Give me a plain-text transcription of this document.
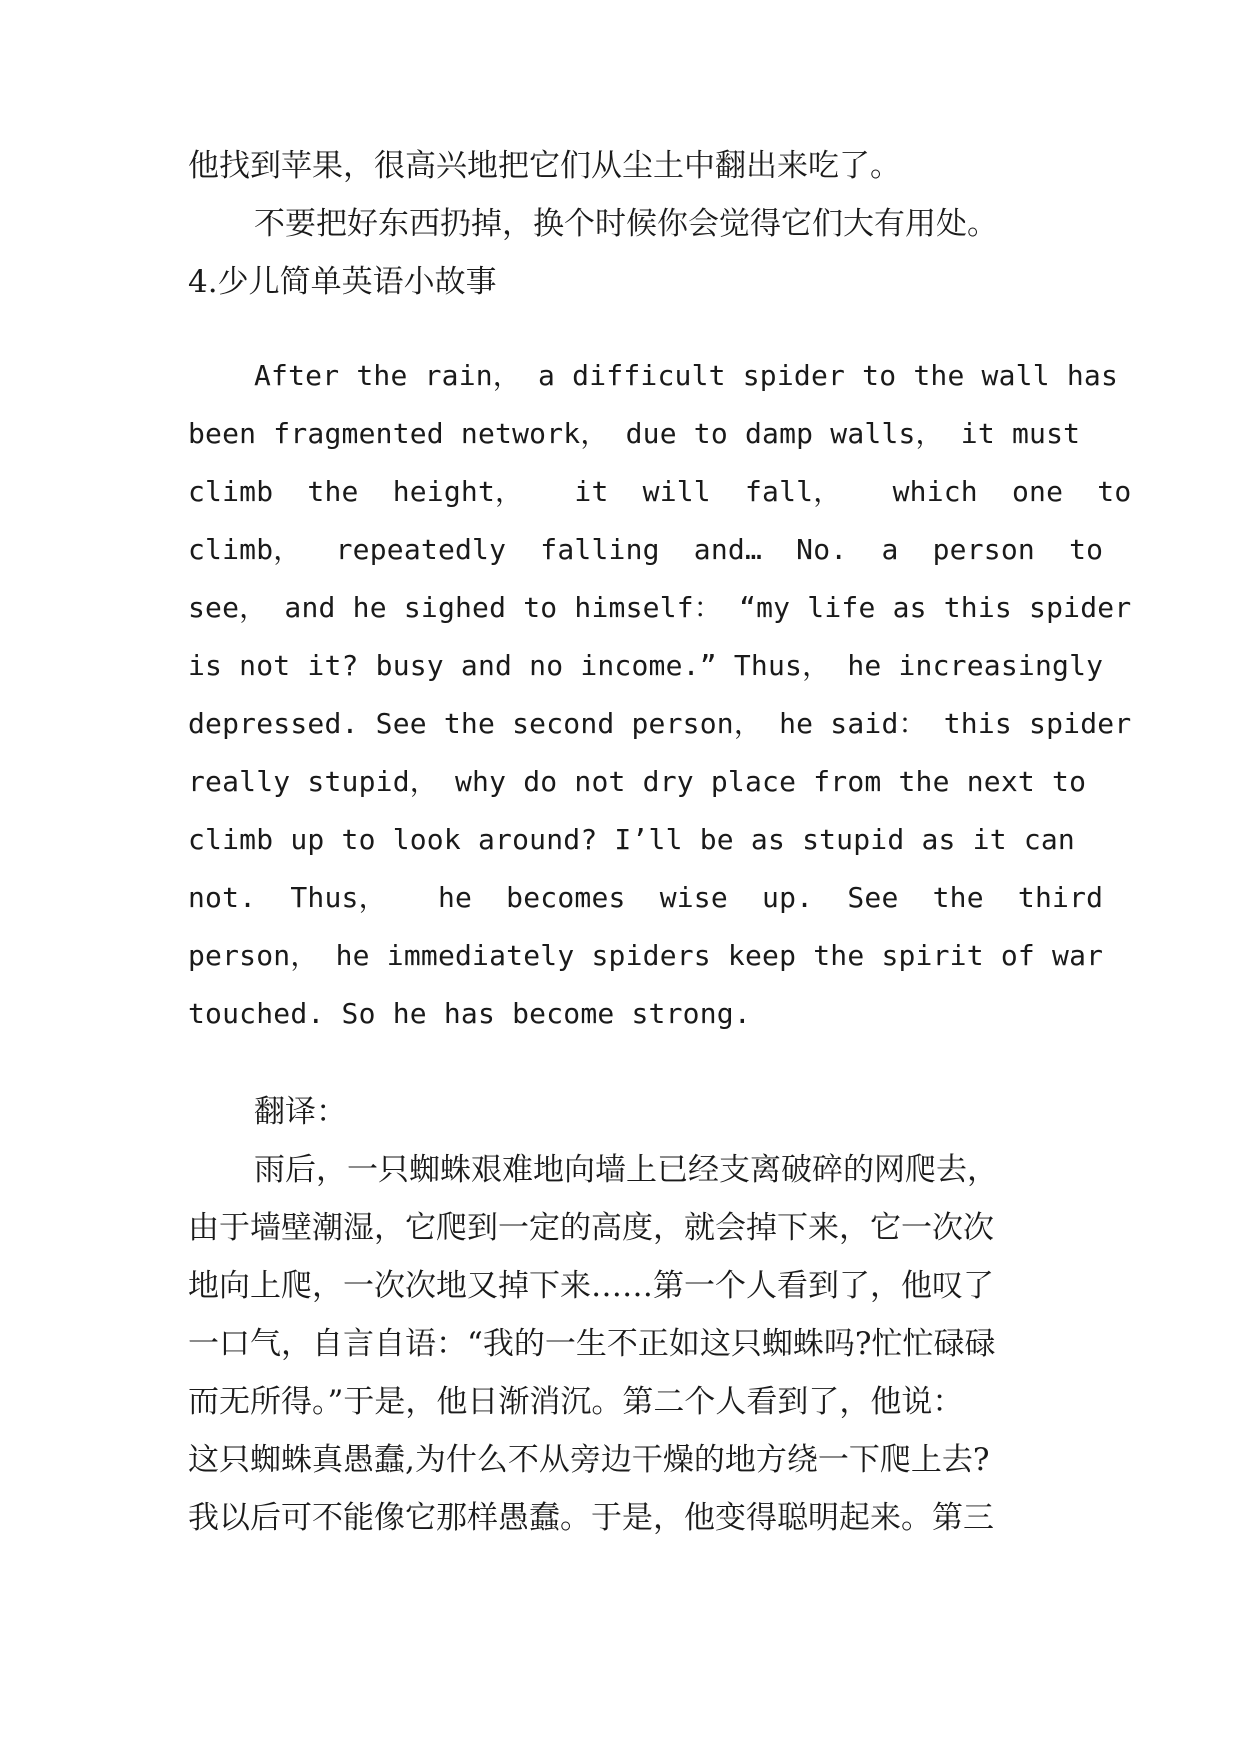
他找到苹果，很高兴地把它们从尘土中翻出来吃了。

不要把好东西扔掉，换个时候你会觉得它们大有用处。

4.少儿简单英语小故事

After the rain， a difficult spider to the wall has

been fragmented network， due to damp walls， it must

climb  the  height，   it  will  fall，   which  one  to

climb，  repeatedly  falling  and…  No.  a  person  to

see， and he sighed to himself： “my life as this spider

is not it? busy and no income.” Thus， he increasingly

depressed. See the second person， he said： this spider

really stupid， why do not dry place from the next to

climb up to look around? I’ll be as stupid as it can

not.  Thus，   he  becomes  wise  up.  See  the  third

person， he immediately spiders keep the spirit of war

touched. So he has become strong.

翻译：

雨后，一只蜘蛛艰难地向墙上已经支离破碎的网爬去，

由于墙壁潮湿，它爬到一定的高度，就会掉下来，它一次次

地向上爬，一次次地又掉下来……第一个人看到了，他叹了

一口气，自言自语：“我的一生不正如这只蜘蛛吗?忙忙碌碌

而无所得。”于是，他日渐消沉。第二个人看到了，他说：

这只蜘蛛真愚蠢,为什么不从旁边干燥的地方绕一下爬上去?

我以后可不能像它那样愚蠢。于是，他变得聪明起来。第三
